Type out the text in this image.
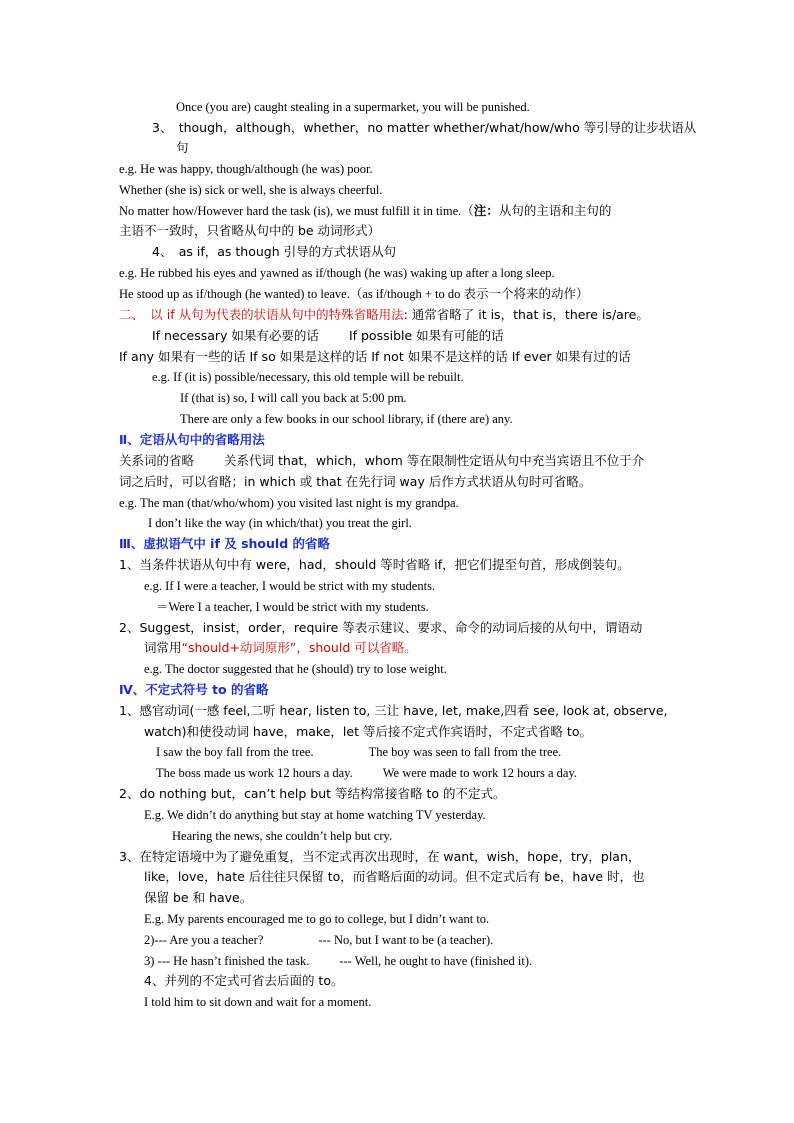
Once (you are) caught stealing in a supermarket, you will be punished.
3、　though，although，whether，no matter whether/what/how/who 等引导的让步状语从
句
e.g. He was happy, though/although (he was) poor.
Whether (she is) sick or well, she is always cheerful.
No matter how/However hard the task (is), we must fulfill it in time.（注：从句的主语和主句的
主语不一致时，只省略从句中的 be 动词形式）
4、　as if，as though 引导的方式状语从句
e.g. He rubbed his eyes and yawned as if/though (he was) waking up after a long sleep.
He stood up as if/though (he wanted) to leave.（as if/though + to do 表示一个将来的动作）
二、　以 if 从句为代表的状语从句中的特殊省略用法: 通常省略了 it is，that is，there is/are。
If necessary 如果有必要的话 If possible 如果有可能的话
If any 如果有一些的话 If so 如果是这样的话 If not 如果不是这样的话 If ever 如果有过的话
e.g. If (it is) possible/necessary, this old temple will be rebuilt.
If (that is) so, I will call you back at 5:00 pm.
There are only a few books in our school library, if (there are) any.
Ⅱ、定语从句中的省略用法
关系词的省略 关系代词 that，which，whom 等在限制性定语从句中充当宾语且不位于介
词之后时，可以省略；in which 或 that 在先行词 way 后作方式状语从句时可省略。
e.g. The man (that/who/whom) you visited last night is my grandpa.
I don’t like the way (in which/that) you treat the girl.
Ⅲ、虚拟语气中 if 及 should 的省略
1、当条件状语从句中有 were，had，should 等时省略 if，把它们提至句首，形成倒装句。
e.g. If I were a teacher, I would be strict with my students.
＝Were I a teacher, I would be strict with my students.
2、Suggest，insist，order，require 等表示建议、要求、命令的动词后接的从句中，谓语动
词常用“should+动词原形”，should 可以省略。
e.g. The doctor suggested that he (should) try to lose weight.
Ⅳ、不定式符号 to 的省略
1、感官动词(一感 feel,二听 hear, listen to, 三让 have, let, make,四看 see, look at, observe,
watch)和使役动词 have，make，let 等后接不定式作宾语时，不定式省略 to。
I saw the boy fall from the tree.	The boy was seen to fall from the tree.
The boss made us work 12 hours a day. We were made to work 12 hours a day.
2、do nothing but，can’t help but 等结构常接省略 to 的不定式。
E.g. We didn’t do anything but stay at home watching TV yesterday.
Hearing the news, she couldn’t help but cry.
3、在特定语境中为了避免重复，当不定式再次出现时，在 want，wish，hope，try，plan，
like，love，hate 后往往只保留 to，而省略后面的动词。但不定式后有 be，have 时，也
保留 be 和 have。
E.g. My parents encouraged me to go to college, but I didn’t want to.
2)--- Are you a teacher?	--- No, but I want to be (a teacher).
3) --- He hasn’t finished the task. --- Well, he ought to have (finished it).
4、并列的不定式可省去后面的 to。
I told him to sit down and wait for a moment.
